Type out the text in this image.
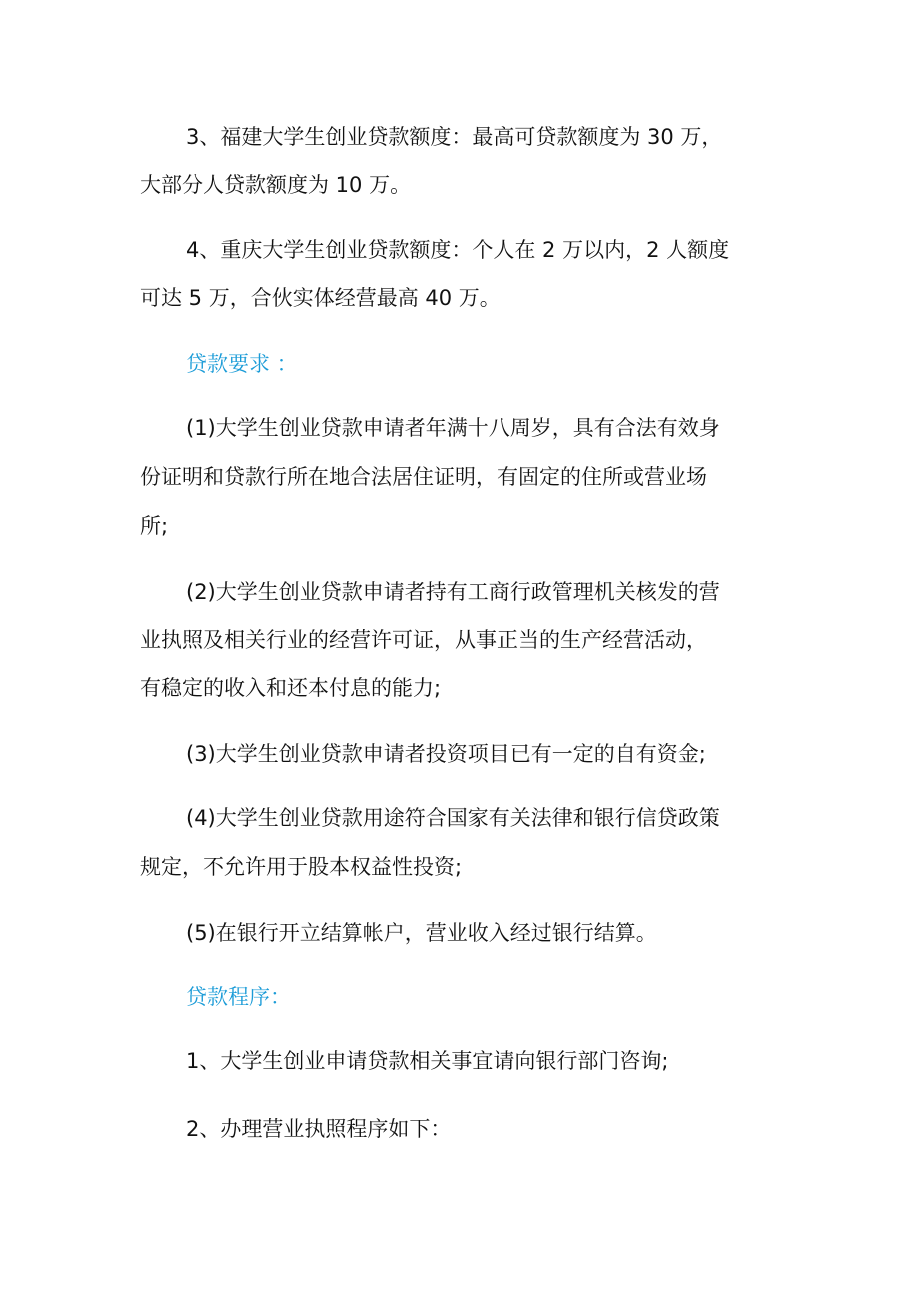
3、福建大学生创业贷款额度：最高可贷款额度为 30 万，
大部分人贷款额度为 10 万。
4、重庆大学生创业贷款额度：个人在 2 万以内，2 人额度
可达 5 万，合伙实体经营最高 40 万。
贷款要求 ：
(1)大学生创业贷款申请者年满十八周岁，具有合法有效身
份证明和贷款行所在地合法居住证明，有固定的住所或营业场
所;
(2)大学生创业贷款申请者持有工商行政管理机关核发的营
业执照及相关行业的经营许可证，从事正当的生产经营活动，
有稳定的收入和还本付息的能力;
(3)大学生创业贷款申请者投资项目已有一定的自有资金;
(4)大学生创业贷款用途符合国家有关法律和银行信贷政策
规定，不允许用于股本权益性投资;
(5)在银行开立结算帐户，营业收入经过银行结算。
贷款程序：
1、大学生创业申请贷款相关事宜请向银行部门咨询;
2、办理营业执照程序如下：
